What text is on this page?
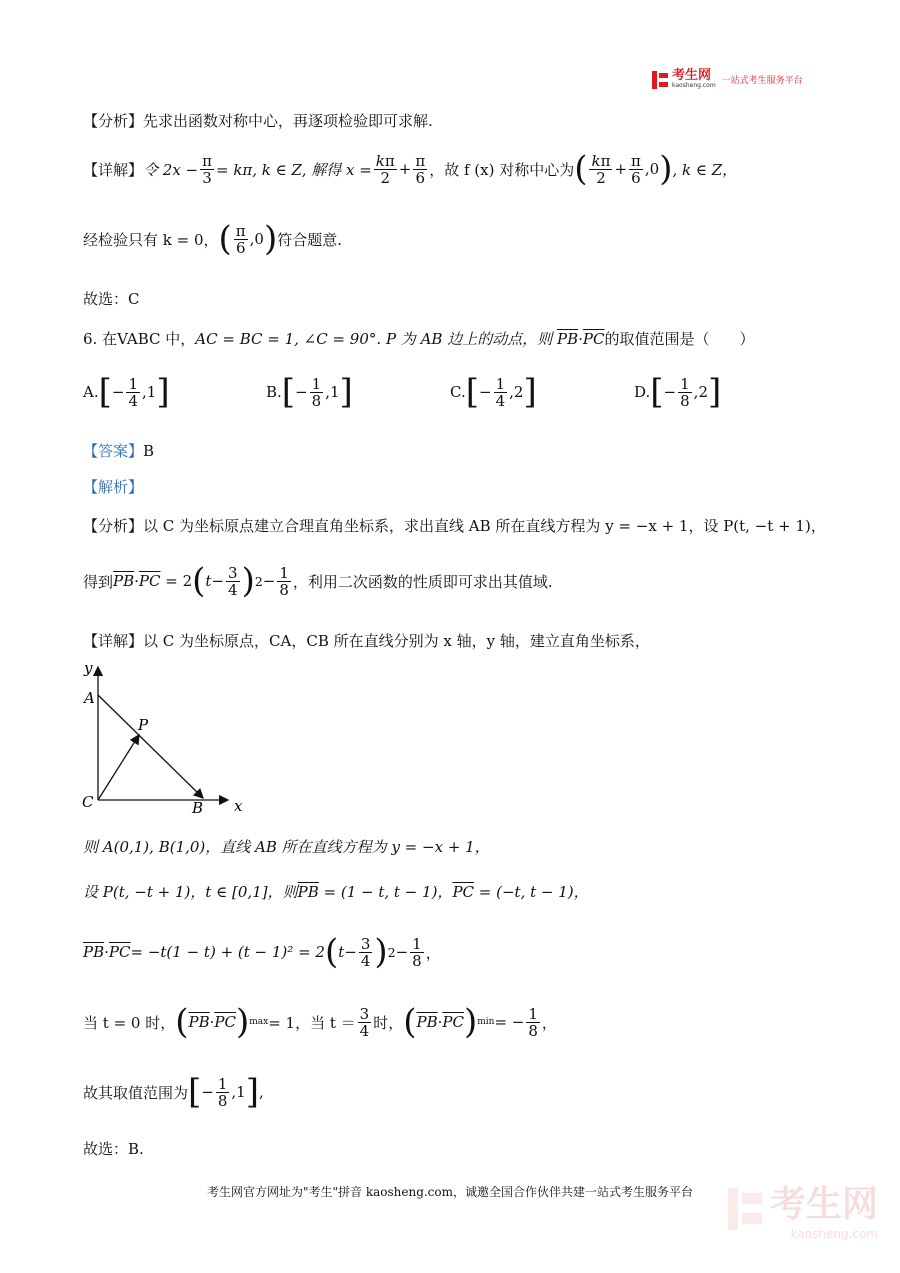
考生网
kaosheng.com 一站式考生服务平台
【分析】先求出函数对称中心，再逐项检验即可求解.
【详解】 令 $2x - \frac{\pi}{3} = k\pi$, k ∈ Z, 解得 $x = \frac{k\pi}{2} + \frac{\pi}{6}$ ，故 f (x) 对称中心为 ( $\frac{k\pi}{2} + \frac{\pi}{6} ,0$ ) , k ∈ Z，
经检验只有 k = 0， ( $\frac{\pi}{6} ,0$ ) 符合题意.
故选：C
6. 在VABC 中，AC = BC = 1, ∠C = 90°. P 为 AB 边上的动点，则 $\overline{PB}\cdot\overline{PC}$的取值范围是（　　）
A. [ − $\frac{1}{4}$ , 1 ]	B. [ − $\frac{1}{8}$ , 1 ]	C. [ − $\frac{1}{4}$ , 2 ]	D. [ − $\frac{1}{8}$ , 2 ]
【答案】B
【解析】
【分析】以 C 为坐标原点建立合理直角坐标系，求出直线 AB 所在直线方程为 y = −x + 1，设 P(t, −t + 1)，
得到 $\overline{PB} \cdot \overline{PC} = 2$ ( $t - \frac{3}{4}$ ) $2 - \frac{1}{8}$ ，利用二次函数的性质即可求出其值域.
【详解】以 C 为坐标原点，CA，CB 所在直线分别为 x 轴，y 轴，建立直角坐标系，
y
x
A
B
C
P
则 A(0,1), B(1,0)，直线 AB 所在直线方程为 y = −x + 1，
设 P(t, −t + 1)，t ∈ [0,1]，则$\overline{PB} = (1 - t$, t − 1)，$\overline{PC} = (-t$, t − 1)，
$\overline{PB} \cdot \overline{PC} = -t(1 - t) + (t - 1)^2 = 2$ ( $t - \frac{3}{4}$ ) $2 - \frac{1}{8}$ ，
当 t = 0 时， ( $\overline{PB} \cdot \overline{PC}$ ) max = 1，当 $t = \frac{3}{4}$ 时， ( $\overline{PB} \cdot \overline{PC}$ ) min = − $\frac{1}{8}$ ，
故其取值范围为 [ − $\frac{1}{8} ,1$ ] ,
故选：B.
考生网官方网址为"考生"拼音 kaosheng.com，诚邀全国合作伙伴共建一站式考生服务平台	考生网
kaosheng.com
